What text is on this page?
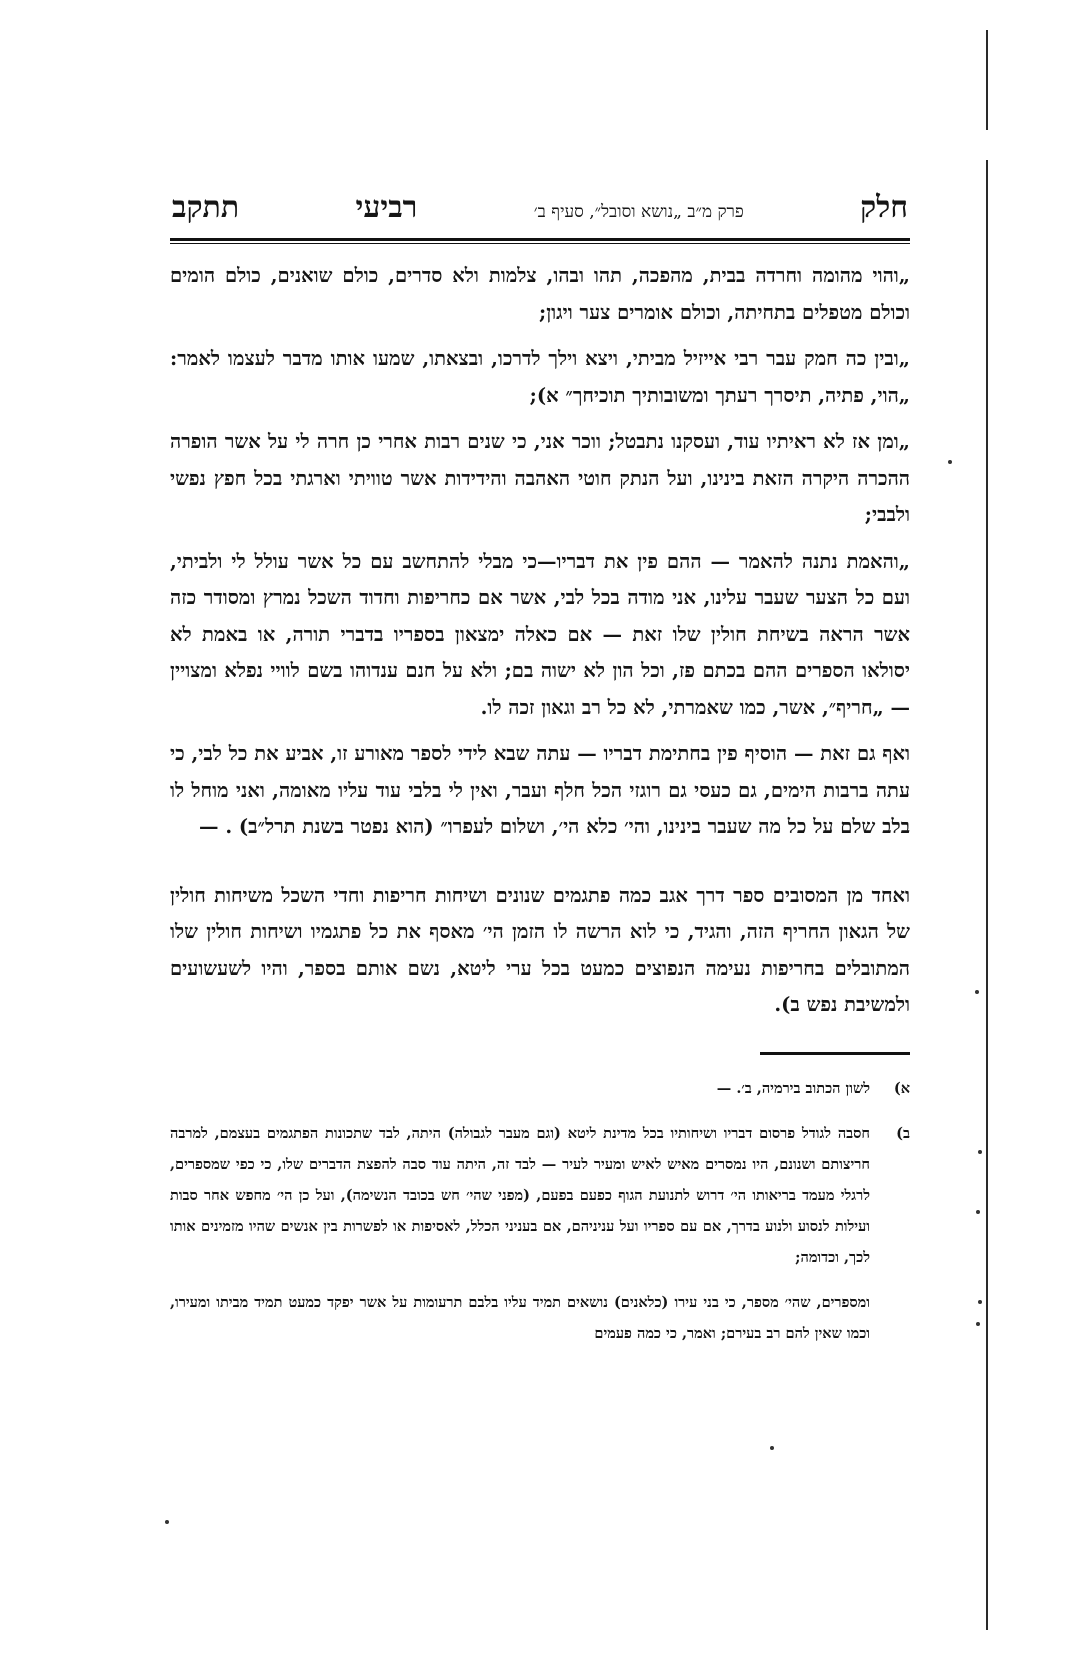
חלק
פרק מ״ב „נושא וסובל״, סעיף ב׳
רביעי
תתקב

„והוי מהומה וחרדה בבית, מהפכה, תהו ובהו, צלמות ולא סדרים, כולם שואנים, כולם הומים וכולם מטפלים בתחיתה, וכולם אומרים צער ויגון;

„ובין כה חמק עבר רבי אייזיל מביתי, ויצא וילך לדרכו, ובצאתו, שמעו אותו מדבר לעצמו לאמר: „הוי, פתיה, תיסרך רעתך ומשובותיך תוכיחך״ א);

„ומן אז לא ראיתיו עוד, ועסקנו נתבטל; ווכר אני, כי שנים רבות אחרי כן חרה לי על אשר הופרה ההכרה היקרה הזאת בינינו, ועל הנתק חוטי האהבה והידידות אשר טוויתי וארגתי בכל חפץ נפשי ולבבי;

„והאמת נתנה להאמר — ההם פין את דבריו—כי מבלי להתחשב עם כל אשר עולל לי ולביתי, ועם כל הצער שעבר עלינו, אני מודה בכל לבי, אשר אם כחריפות וחדוד השכל נמרץ ומסודר כזה אשר הראה בשיחת חולין שלו זאת — אם כאלה ימצאון בספריו בדברי תורה, או באמת לא יסולאו הספרים ההם בכתם פז, וכל הון לא ישוה בם; ולא על חנם ענדוהו בשם לוויי נפלא ומצויין — „חריף״, אשר, כמו שאמרתי, לא כל רב וגאון זכה לו.

ואף גם זאת — הוסיף פין בחתימת דבריו — עתה שבא לידי לספר מאורע זו, אביע את כל לבי, כי עתה ברבות הימים, גם כעסי גם רוגזי הכל חלף ועבר, ואין לי בלבי עוד עליו מאומה, ואני מוחל לו בלב שלם על כל מה שעבר בינינו, והי׳ כלא הי׳, ושלום לעפרו״ (הוא נפטר בשנת תרל״ב) . —

ואחד מן המסובים ספר דרך אגב כמה פתגמים שנונים ושיחות חריפות וחדי השכל משיחות חולין של הגאון החריף הזה, והגיד, כי לוא הרשה לו הזמן הי׳ מאסף את כל פתגמיו ושיחות חולין שלו המתובלים בחריפות נעימה הנפוצים כמעט בכל ערי ליטא, נשם אותם בספר, והיו לשעשועים ולמשיבת נפש ב).

א)
לשון הכתוב בירמיה, ב׳. —
ב)
חסבה לגודל פרסום דבריו ושיחותיו בכל מדינת ליטא (וגם מעבר לגבולה) היתה, לבד שתכונות הפתגמים בעצמם, למרבה חריצותם ושנונם, היו נמסרים מאיש לאיש ומעיר לעיר — לבד זה, היתה עוד סבה להפצת הדברים שלו, כי כפי שמספרים, לרגלי מעמד בריאותו הי׳ דרוש לתנועת הגוף כפעם בפעם, (מפני שהי׳ חש בכובד הנשימה), ועל כן הי׳ מחפש אחר סבות ועילות לנסוע ולנוע בדרך, אם עם ספריו ועל עניניהם, אם בעניני הכלל, לאסיפות או לפשרות בין אנשים שהיו מזמינים אותו לכך, וכדומה;
ומספרים, שהי׳ מספר, כי בני עירו (כלאנים) נושאים תמיד עליו בלבם תרעומות על אשר יפקד כמעט תמיד מביתו ומעירו, וכמו שאין להם רב בעירם; ואמר, כי כמה פעמים
